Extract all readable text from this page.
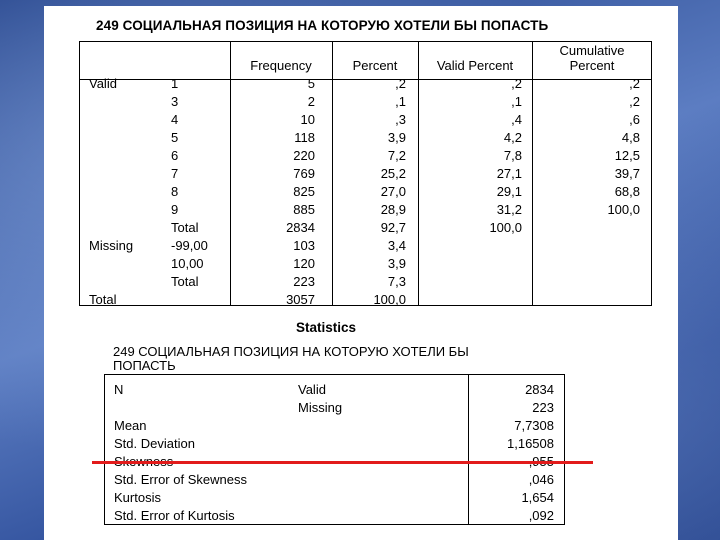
249 СОЦИАЛЬНАЯ ПОЗИЦИЯ НА КОТОРУЮ ХОТЕЛИ БЫ ПОПАСТЬ
Frequency	Percent	Valid Percent
Cumulative
Percent
Valid
Missing
Total
1
3
4
5
6
7
8
9
Total
-99,00
10,00
Total
5
2
10
118
220
769
825
885
2834
103
120
223
3057
,2
,1
,3
3,9
7,2
25,2
27,0
28,9
92,7
3,4
3,9
7,3
100,0
,2
,1
,4
4,2
7,8
27,1
29,1
31,2
100,0
,2
,2
,6
4,8
12,5
39,7
68,8
100,0
Statistics
249 СОЦИАЛЬНАЯ ПОЗИЦИЯ НА КОТОРУЮ ХОТЕЛИ БЫ
ПОПАСТЬ
N
Mean
Std. Deviation
Std. Error of Skewness
Kurtosis
Std. Error of Kurtosis
Valid
Missing
2834
223
7,7308
1,16508
,046
1,654
,092
